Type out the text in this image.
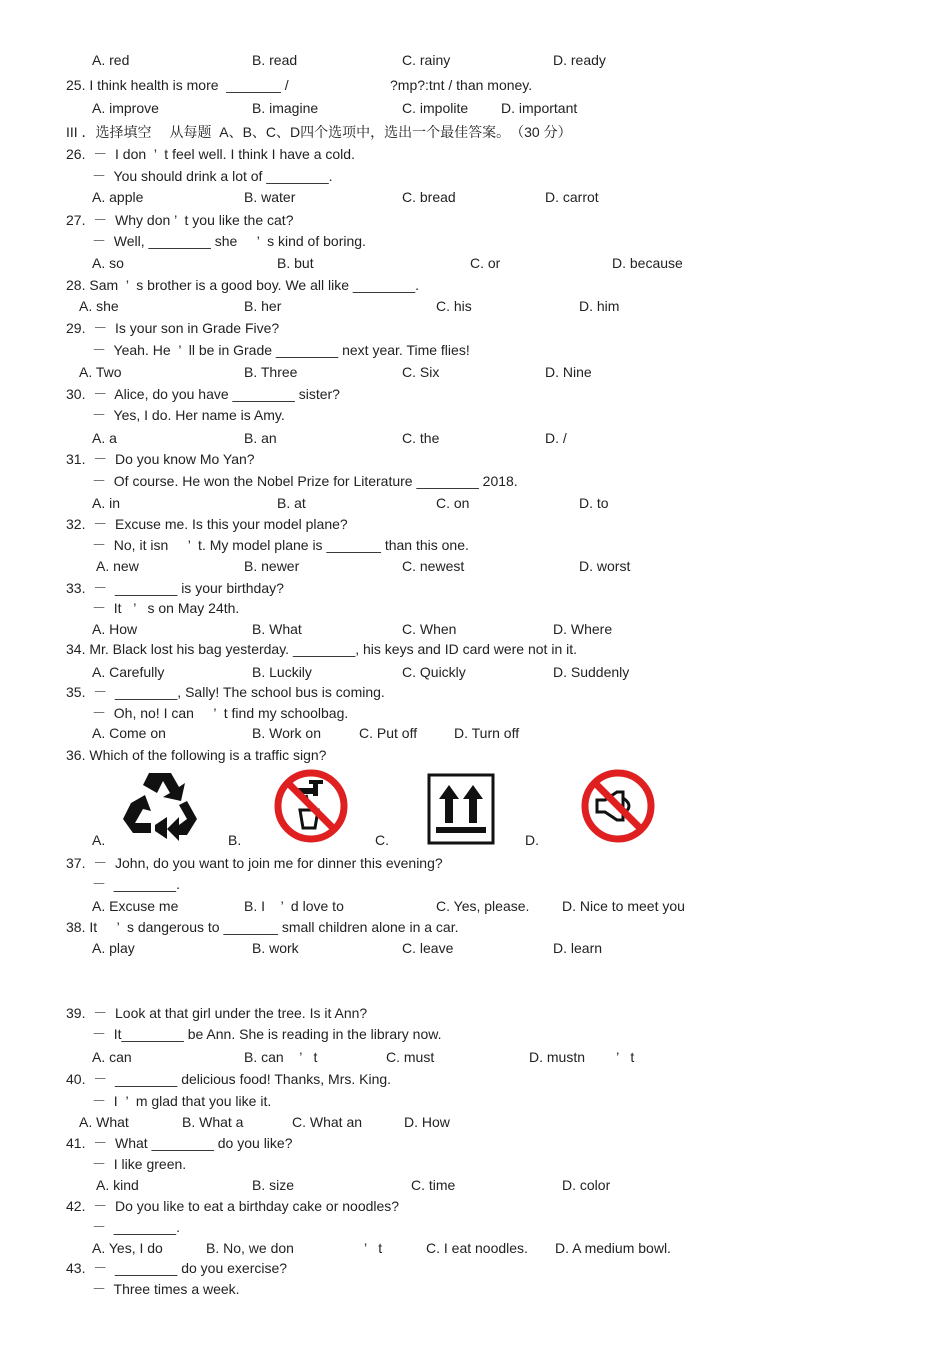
A. red	B. read	C. rainy	D. ready
25. I think health is more  _______ /	?mp?:tnt / than money.
A. improve	B. imagine	C. impolite D. important
III ．选择填空　 从每题  A、B、C、D四个选项中，选出一个最佳答案。　（30 分）
26.  －  I don  ’  t feel well. I think I have a cold.
－  You should drink a lot of ________.
A. apple	B. water	C. bread	D. carrot
27.  －  Why don ’  t you like the cat?
－  Well, ________ she     ’  s kind of boring.
A. so	B. but	C. or	D. because
28. Sam  ’  s brother is a good boy. We all like ________.
A. she	B. her	C. his	D. him
29.  －  Is your son in Grade Five?
－  Yeah. He  ’  ll be in Grade ________ next year. Time flies!
A. Two	B. Three	C. Six	D. Nine
30.  －  Alice, do you have ________ sister?
－  Yes, I do. Her name is Amy.
A. a	B. an	C. the	D. /
31.  －  Do you know Mo Yan?
－  Of course. He won the Nobel Prize for Literature ________ 2018.
A. in	B. at	C. on	D. to
32.  －  Excuse me. Is this your model plane?
－  No, it isn     ’  t. My model plane is _______ than this one.
A. new	B. newer	C. newest	D. worst
33.  －  ________ is your birthday?
－  It   ’   s on May 24th.
A. How	B. What	C. When	D. Where
34. Mr. Black lost his bag yesterday. ________, his keys and ID card were not in it.
A. Carefully	B. Luckily	C. Quickly	D. Suddenly
35.  －  ________, Sally! The school bus is coming.
－  Oh, no! I can     ’  t find my schoolbag.
A. Come on	B. Work on	C. Put off	D. Turn off
36. Which of the following is a traffic sign?
A.	B.	C.	D.
37.  －  John, do you want to join me for dinner this evening?
－  ________.
A. Excuse me	B. I    ’  d love to	C. Yes, please. D. Nice to meet you
38. It     ’  s dangerous to _______ small children alone in a car.
A. play	B. work	C. leave	D. learn
39.  －  Look at that girl under the tree. Is it Ann?
－  It________ be Ann. She is reading in the library now.
A. can	B. can    ’   t	C. must	D. mustn        ’   t
40.  －  ________ delicious food! Thanks, Mrs. King.
－  I  ’  m glad that you like it.
A. What	B. What a	C. What an	D. How
41.  －  What ________ do you like?
－  I like green.
A. kind	B. size	C. time	D. color
42.  －  Do you like to eat a birthday cake or noodles?
－  ________.
A. Yes, I do	B. No, we don                  ’   t	C. I eat noodles. D. A medium bowl.
43.  －  ________ do you exercise?
－  Three times a week.
